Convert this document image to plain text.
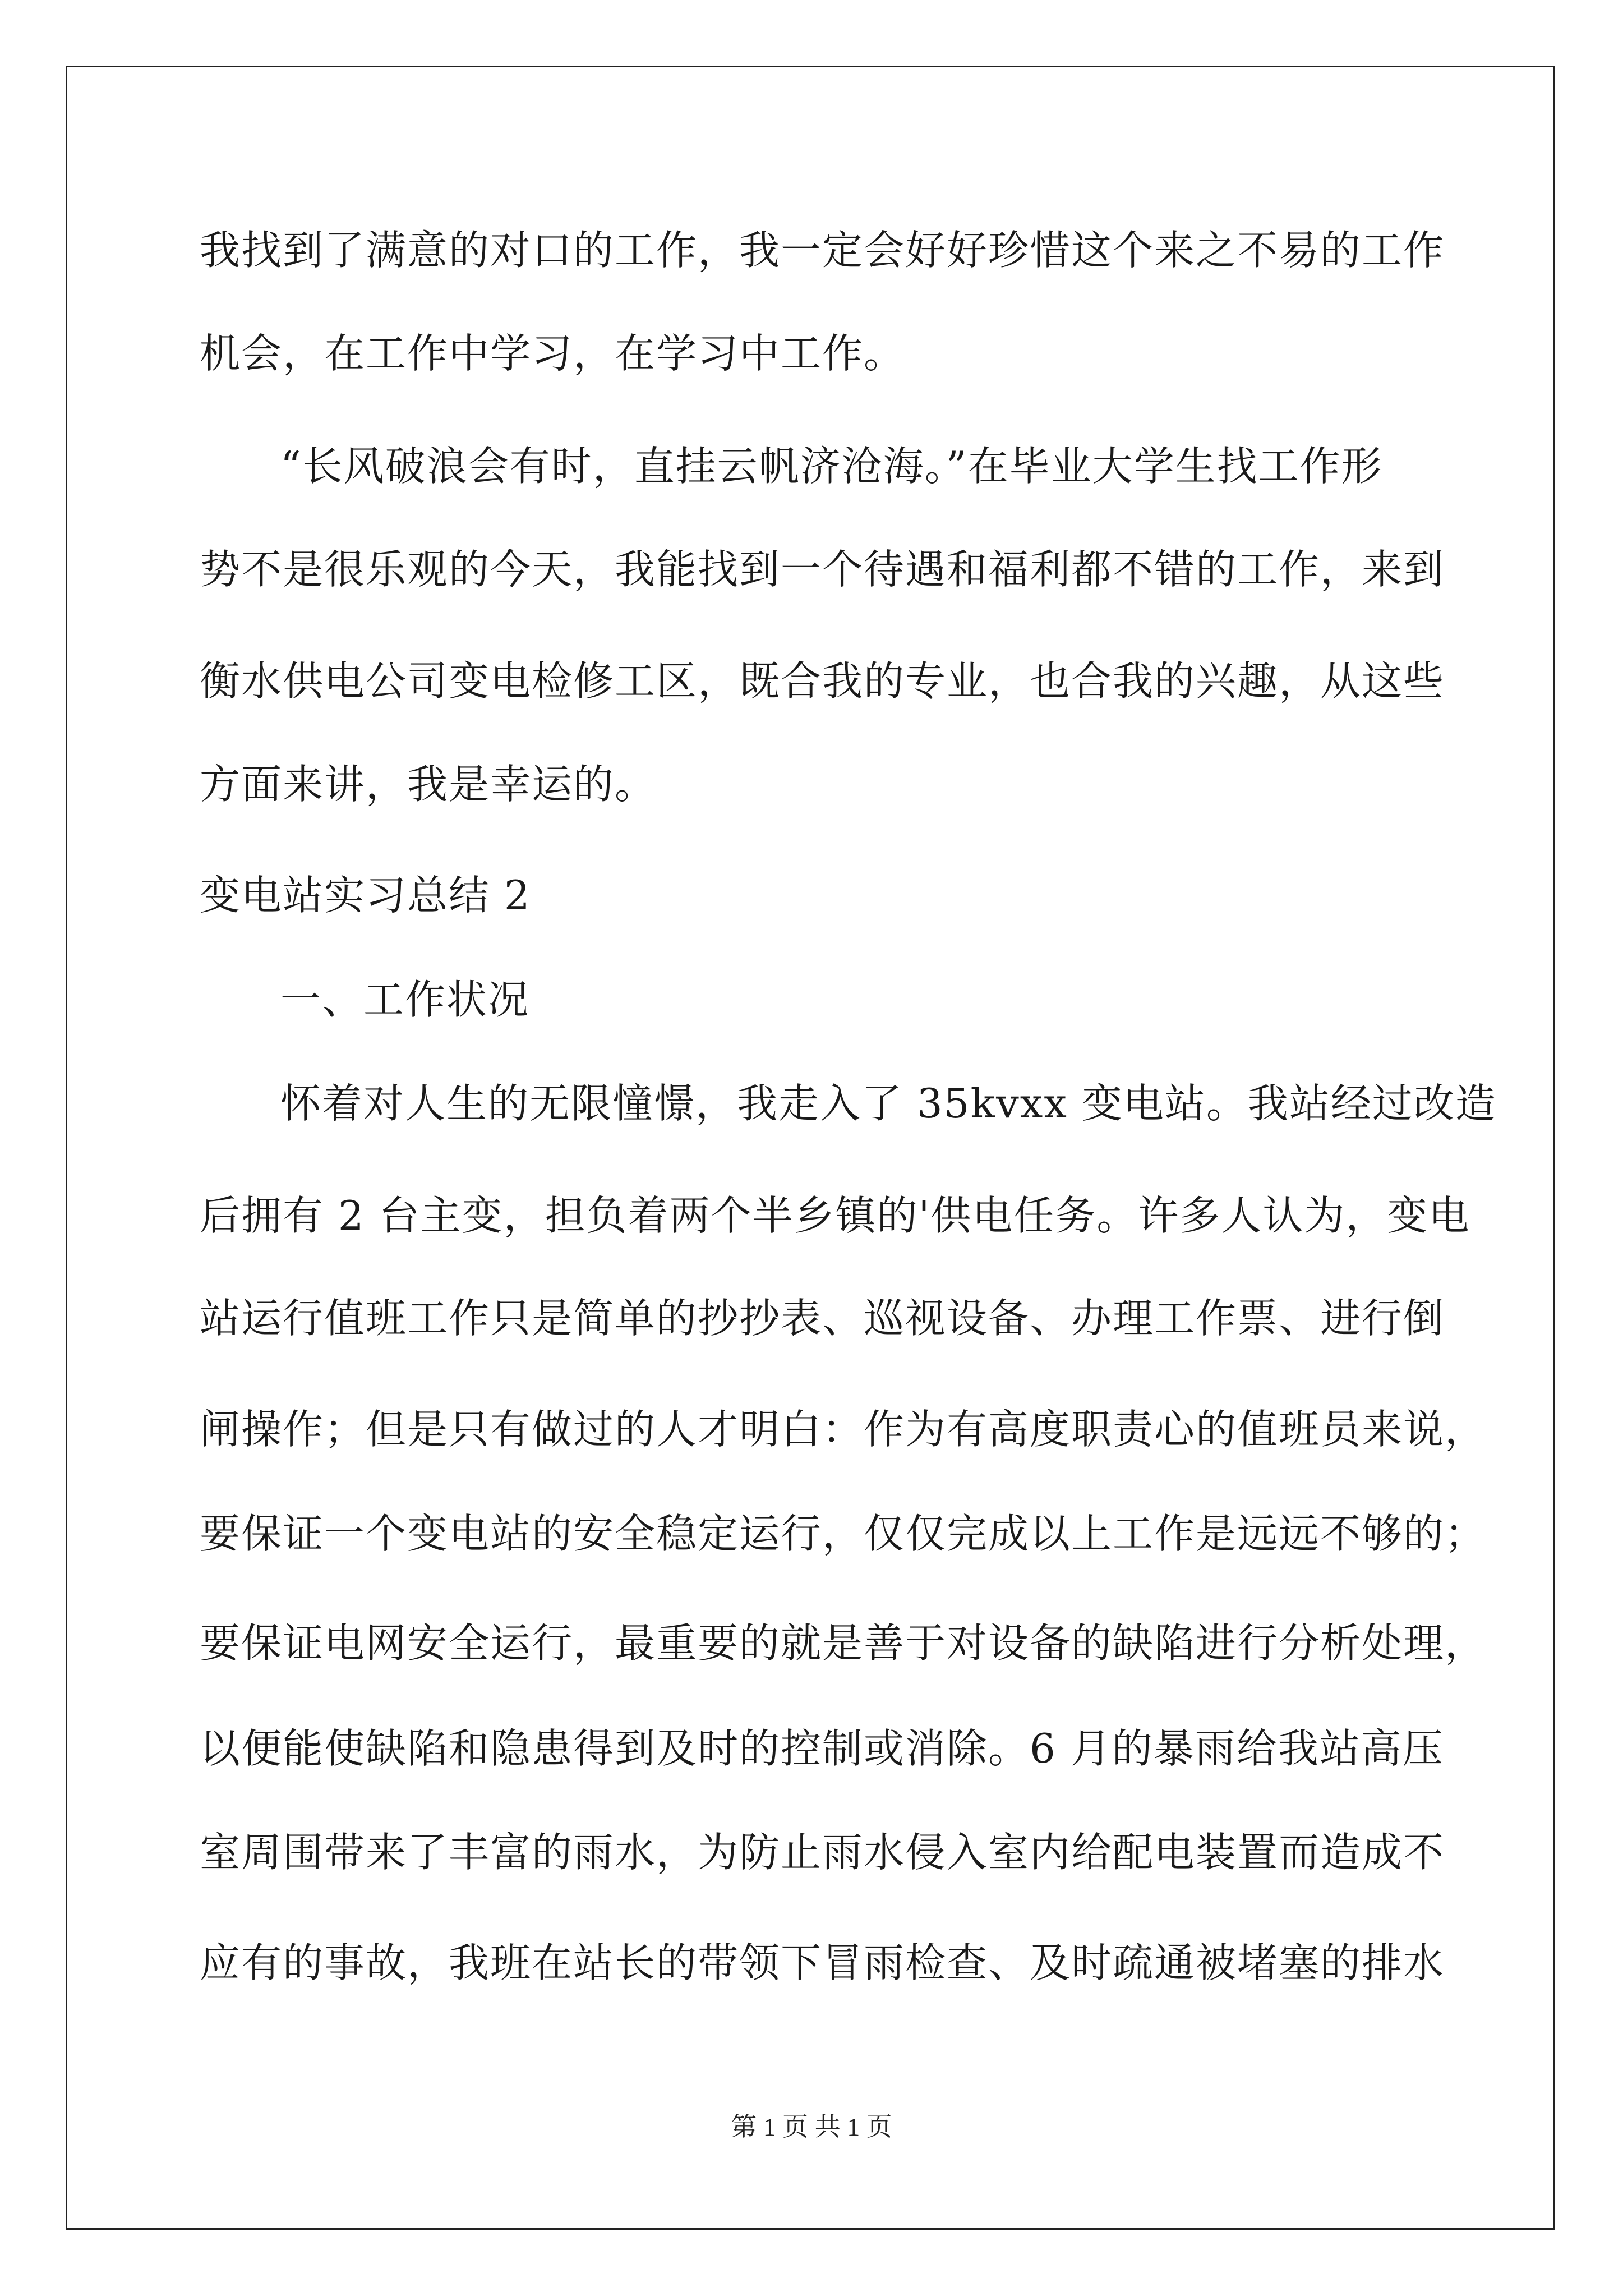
我找到了满意的对口的工作，我一定会好好珍惜这个来之不易的工作
机会，在工作中学习，在学习中工作。
“长风破浪会有时，直挂云帆济沧海。”在毕业大学生找工作形
势不是很乐观的今天，我能找到一个待遇和福利都不错的工作，来到
衡水供电公司变电检修工区，既合我的专业，也合我的兴趣，从这些
方面来讲，我是幸运的。
变电站实习总结 2
一、工作状况
怀着对人生的无限憧憬，我走入了 35kvxx 变电站。我站经过改造
后拥有 2 台主变，担负着两个半乡镇的'供电任务。许多人认为，变电
站运行值班工作只是简单的抄抄表、巡视设备、办理工作票、进行倒
闸操作；但是只有做过的人才明白：作为有高度职责心的值班员来说，
要保证一个变电站的安全稳定运行，仅仅完成以上工作是远远不够的；
要保证电网安全运行，最重要的就是善于对设备的缺陷进行分析处理，
以便能使缺陷和隐患得到及时的控制或消除。6 月的暴雨给我站高压
室周围带来了丰富的雨水，为防止雨水侵入室内给配电装置而造成不
应有的事故，我班在站长的带领下冒雨检查、及时疏通被堵塞的排水
第 1 页 共 1 页
